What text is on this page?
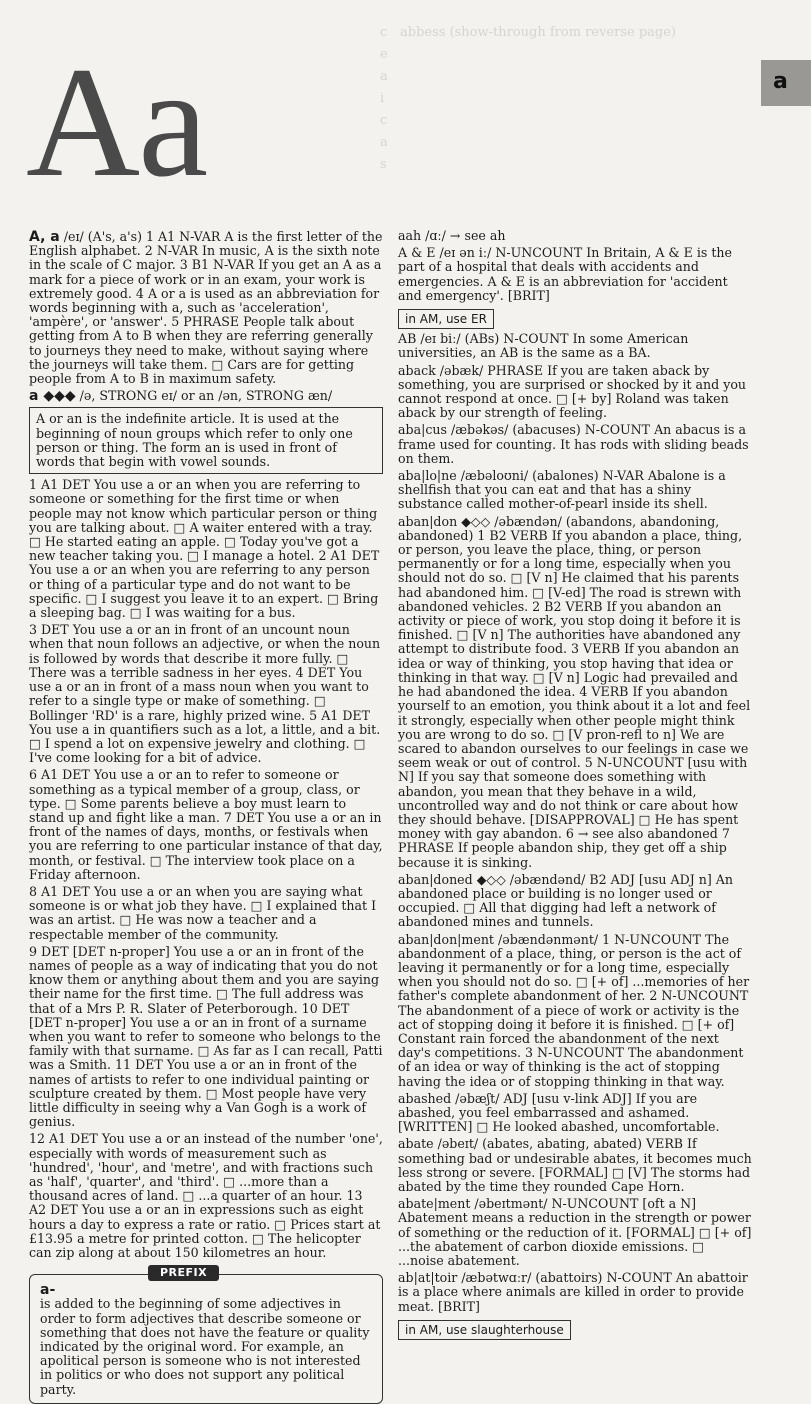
c
e
a
i
c
a
s
abbess (show-through from reverse page)
Aa	a

A, a /eɪ/ (A's, a's) 1 A1 N-VAR A is the first letter of the English alphabet. 2 N-VAR In music, A is the sixth note in the scale of C major. 3 B1 N-VAR If you get an A as a mark for a piece of work or in an exam, your work is extremely good. 4 A or a is used as an abbreviation for words beginning with a, such as 'acceleration', 'ampère', or 'answer'. 5 PHRASE People talk about getting from A to B when they are referring generally to journeys they need to make, without saying where the journeys will take them. □ Cars are for getting people from A to B in maximum safety.

a ◆◆◆ /ə, STRONG eɪ/ or an /ən, STRONG æn/

A or an is the indefinite article. It is used at the beginning of noun groups which refer to only one person or thing. The form an is used in front of words that begin with vowel sounds.

1 A1 DET You use a or an when you are referring to someone or something for the first time or when people may not know which particular person or thing you are talking about. □ A waiter entered with a tray. □ He started eating an apple. □ Today you've got a new teacher taking you. □ I manage a hotel. 2 A1 DET You use a or an when you are referring to any person or thing of a particular type and do not want to be specific. □ I suggest you leave it to an expert. □ Bring a sleeping bag. □ I was waiting for a bus.

3 DET You use a or an in front of an uncount noun when that noun follows an adjective, or when the noun is followed by words that describe it more fully. □ There was a terrible sadness in her eyes. 4 DET You use a or an in front of a mass noun when you want to refer to a single type or make of something. □ Bollinger 'RD' is a rare, highly prized wine. 5 A1 DET You use a in quantifiers such as a lot, a little, and a bit. □ I spend a lot on expensive jewelry and clothing. □ I've come looking for a bit of advice.

6 A1 DET You use a or an to refer to someone or something as a typical member of a group, class, or type. □ Some parents believe a boy must learn to stand up and fight like a man. 7 DET You use a or an in front of the names of days, months, or festivals when you are referring to one particular instance of that day, month, or festival. □ The interview took place on a Friday afternoon.

8 A1 DET You use a or an when you are saying what someone is or what job they have. □ I explained that I was an artist. □ He was now a teacher and a respectable member of the community.

9 DET [DET n-proper] You use a or an in front of the names of people as a way of indicating that you do not know them or anything about them and you are saying their name for the first time. □ The full address was that of a Mrs P. R. Slater of Peterborough. 10 DET [DET n-proper] You use a or an in front of a surname when you want to refer to someone who belongs to the family with that surname. □ As far as I can recall, Patti was a Smith. 11 DET You use a or an in front of the names of artists to refer to one individual painting or sculpture created by them. □ Most people have very little difficulty in seeing why a Van Gogh is a work of genius.

12 A1 DET You use a or an instead of the number 'one', especially with words of measurement such as 'hundred', 'hour', and 'metre', and with fractions such as 'half', 'quarter', and 'third'. □ ...more than a thousand acres of land. □ ...a quarter of an hour. 13 A2 DET You use a or an in expressions such as eight hours a day to express a rate or ratio. □ Prices start at £13.95 a metre for printed cotton. □ The helicopter can zip along at about 150 kilometres an hour.

PREFIX
a-
is added to the beginning of some adjectives in order to form adjectives that describe someone or something that does not have the feature or quality indicated by the original word. For example, an apolitical person is someone who is not interested in politics or who does not support any political party.

aah /ɑː/ → see ah

A & E /eɪ ən iː/ N-UNCOUNT In Britain, A & E is the part of a hospital that deals with accidents and emergencies. A & E is an abbreviation for 'accident and emergency'. [BRIT]

in AM, use ER

AB /eɪ biː/ (ABs) N-COUNT In some American universities, an AB is the same as a BA.

aback /əbæk/ PHRASE If you are taken aback by something, you are surprised or shocked by it and you cannot respond at once. □ [+ by] Roland was taken aback by our strength of feeling.

aba|cus /æbəkəs/ (abacuses) N-COUNT An abacus is a frame used for counting. It has rods with sliding beads on them.

aba|lo|ne /æbəloʊni/ (abalones) N-VAR Abalone is a shellfish that you can eat and that has a shiny substance called mother-of-pearl inside its shell.

aban|don ◆◇◇ /əbændən/ (abandons, abandoning, abandoned) 1 B2 VERB If you abandon a place, thing, or person, you leave the place, thing, or person permanently or for a long time, especially when you should not do so. □ [V n] He claimed that his parents had abandoned him. □ [V-ed] The road is strewn with abandoned vehicles. 2 B2 VERB If you abandon an activity or piece of work, you stop doing it before it is finished. □ [V n] The authorities have abandoned any attempt to distribute food. 3 VERB If you abandon an idea or way of thinking, you stop having that idea or thinking in that way. □ [V n] Logic had prevailed and he had abandoned the idea. 4 VERB If you abandon yourself to an emotion, you think about it a lot and feel it strongly, especially when other people might think you are wrong to do so. □ [V pron-refl to n] We are scared to abandon ourselves to our feelings in case we seem weak or out of control. 5 N-UNCOUNT [usu with N] If you say that someone does something with abandon, you mean that they behave in a wild, uncontrolled way and do not think or care about how they should behave. [DISAPPROVAL] □ He has spent money with gay abandon. 6 → see also abandoned 7 PHRASE If people abandon ship, they get off a ship because it is sinking.

aban|doned ◆◇◇ /əbændənd/ B2 ADJ [usu ADJ n] An abandoned place or building is no longer used or occupied. □ All that digging had left a network of abandoned mines and tunnels.

aban|don|ment /əbændənmənt/ 1 N-UNCOUNT The abandonment of a place, thing, or person is the act of leaving it permanently or for a long time, especially when you should not do so. □ [+ of] ...memories of her father's complete abandonment of her. 2 N-UNCOUNT The abandonment of a piece of work or activity is the act of stopping doing it before it is finished. □ [+ of] Constant rain forced the abandonment of the next day's competitions. 3 N-UNCOUNT The abandonment of an idea or way of thinking is the act of stopping having the idea or of stopping thinking in that way.

abashed /əbæʃt/ ADJ [usu v-link ADJ] If you are abashed, you feel embarrassed and ashamed. [WRITTEN] □ He looked abashed, uncomfortable.

abate /əbeɪt/ (abates, abating, abated) VERB If something bad or undesirable abates, it becomes much less strong or severe. [FORMAL] □ [V] The storms had abated by the time they rounded Cape Horn.

abate|ment /əbeɪtmənt/ N-UNCOUNT [oft a N] Abatement means a reduction in the strength or power of something or the reduction of it. [FORMAL] □ [+ of] ...the abatement of carbon dioxide emissions. □ ...noise abatement.

ab|at|toir /æbətwɑːr/ (abattoirs) N-COUNT An abattoir is a place where animals are killed in order to provide meat. [BRIT]

in AM, use slaughterhouse
